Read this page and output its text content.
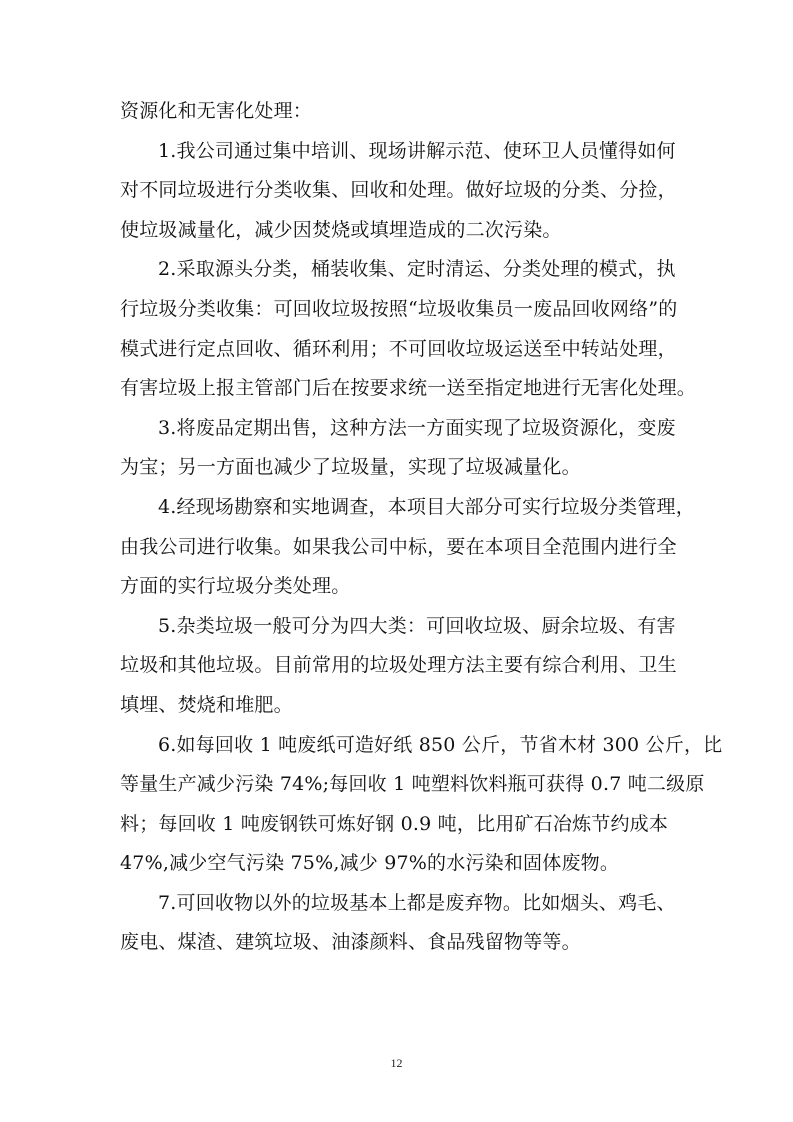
资源化和无害化处理：
1.我公司通过集中培训、现场讲解示范、使环卫人员懂得如何
对不同垃圾进行分类收集、回收和处理。做好垃圾的分类、分捡，
使垃圾减量化，减少因焚烧或填埋造成的二次污染。
2.采取源头分类，桶装收集、定时清运、分类处理的模式，执
行垃圾分类收集：可回收垃圾按照“垃圾收集员一废品回收网络”的
模式进行定点回收、循环利用；不可回收垃圾运送至中转站处理，
有害垃圾上报主管部门后在按要求统一送至指定地进行无害化处理。
3.将废品定期出售，这种方法一方面实现了垃圾资源化，变废
为宝；另一方面也减少了垃圾量，实现了垃圾减量化。
4.经现场勘察和实地调查，本项目大部分可实行垃圾分类管理，
由我公司进行收集。如果我公司中标，要在本项目全范围内进行全
方面的实行垃圾分类处理。
5.杂类垃圾一般可分为四大类：可回收垃圾、厨余垃圾、有害
垃圾和其他垃圾。目前常用的垃圾处理方法主要有综合利用、卫生
填埋、焚烧和堆肥。
6.如每回收 1 吨废纸可造好纸 850 公斤，节省木材 300 公斤，比
等量生产减少污染 74%;每回收 1 吨塑料饮料瓶可获得 0.7 吨二级原
料；每回收 1 吨废钢铁可炼好钢 0.9 吨，比用矿石冶炼节约成本
47%,减少空气污染 75%,减少 97%的水污染和固体废物。
7.可回收物以外的垃圾基本上都是废弃物。比如烟头、鸡毛、
废电、煤渣、建筑垃圾、油漆颜料、食品残留物等等。
12
